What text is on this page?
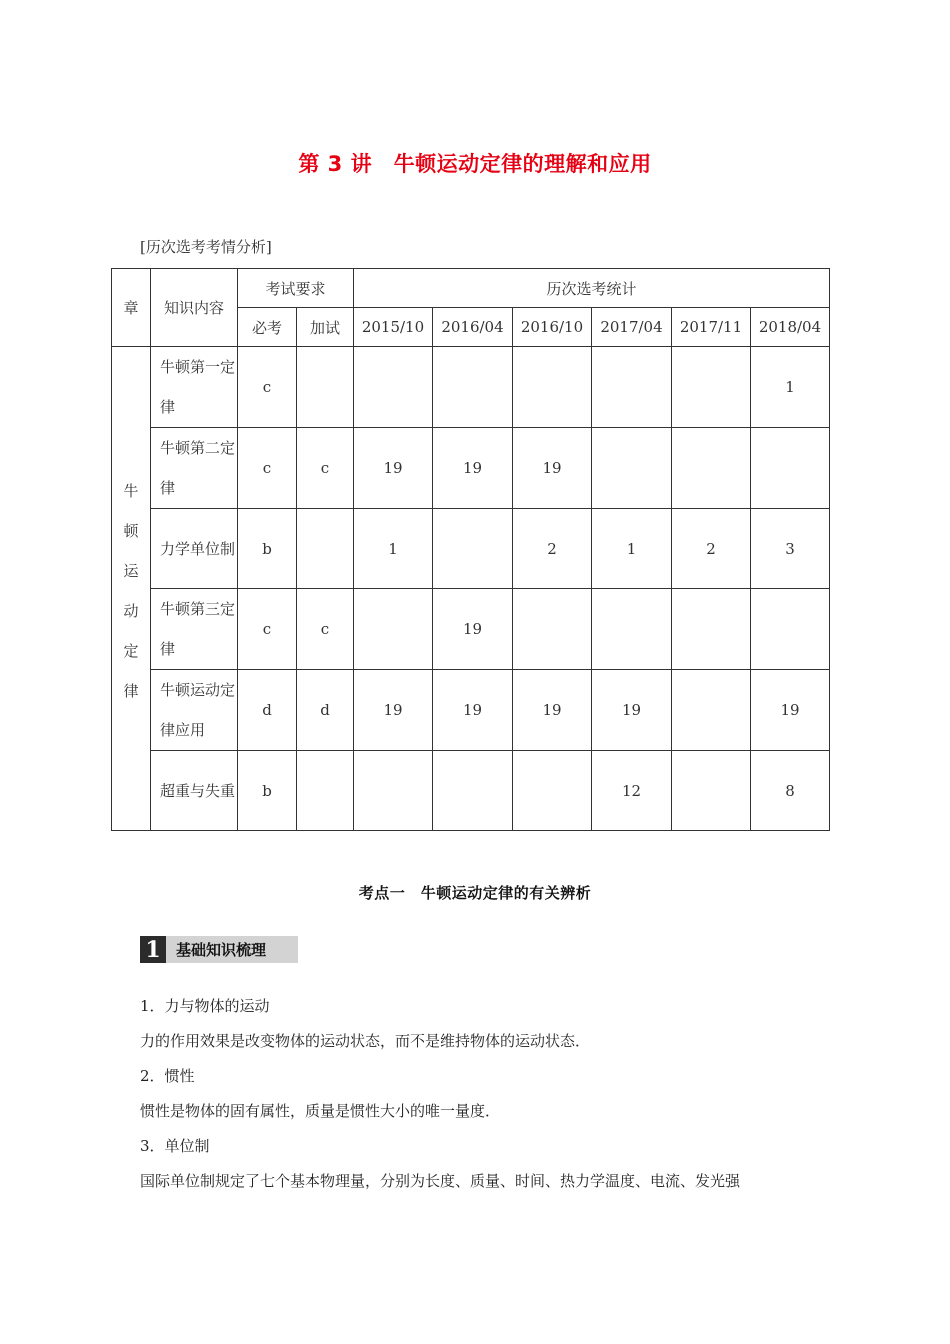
第 3 讲　牛顿运动定律的理解和应用
[历次选考考情分析]
章	知识内容	考试要求		历次选考统计					
		必考	加试	2015/10	2016/04	2016/10	2017/04	2017/11	2018/04
牛顿运动定律	牛顿第一定律	c							1
	牛顿第二定律	c	c	19	19	19			
	力学单位制	b		1		2	1	2	3
	牛顿第三定律	c	c		19				
	牛顿运动定律应用	d	d	19	19	19	19		19
	超重与失重	b					12		8
考点一　牛顿运动定律的有关辨析
1	基础知识梳理

1．力与物体的运动

力的作用效果是改变物体的运动状态，而不是维持物体的运动状态．

2．惯性

惯性是物体的固有属性，质量是惯性大小的唯一量度．

3．单位制

国际单位制规定了七个基本物理量，分别为长度、质量、时间、热力学温度、电流、发光强
